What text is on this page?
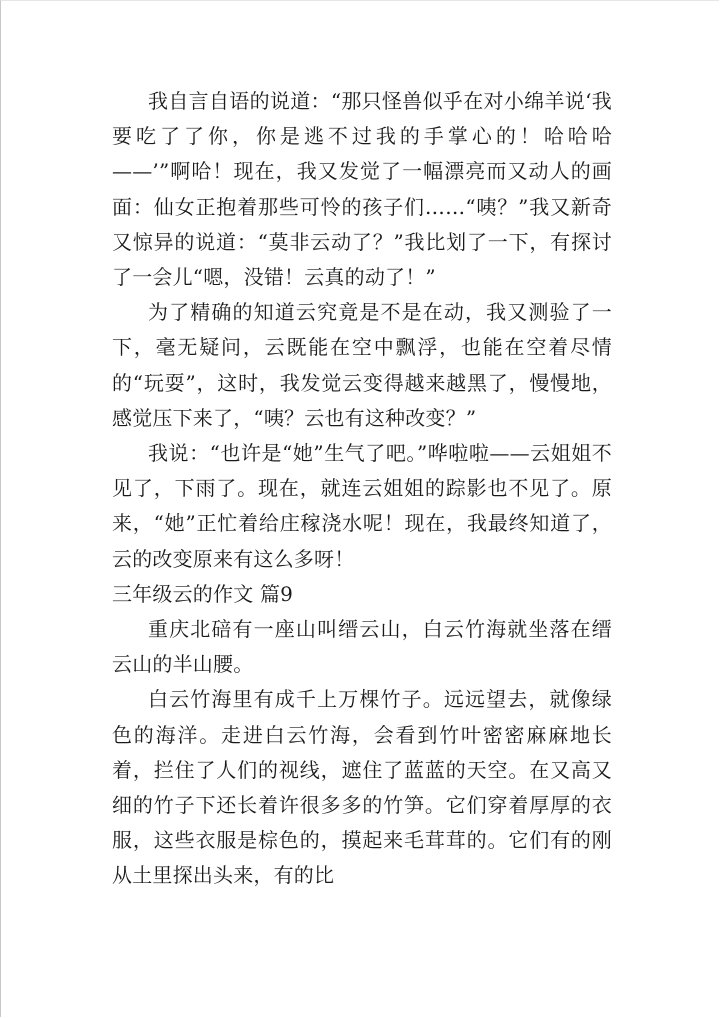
我自言自语的说道：“那只怪兽似乎在对小绵羊说‘我要吃了了你，你是逃不过我的手掌心的！哈哈哈——’”啊哈！现在，我又发觉了一幅漂亮而又动人的画面：仙女正抱着那些可怜的孩子们……“咦？”我又新奇又惊异的说道：“莫非云动了？”我比划了一下，有探讨了一会儿“嗯，没错！云真的动了！”

为了精确的知道云究竟是不是在动，我又测验了一下，毫无疑问，云既能在空中飘浮，也能在空着尽情的“玩耍”，这时，我发觉云变得越来越黑了，慢慢地，感觉压下来了，“咦？云也有这种改变？”

我说：“也许是“她”生气了吧。”哗啦啦——云姐姐不见了，下雨了。现在，就连云姐姐的踪影也不见了。原来，“她”正忙着给庄稼浇水呢！现在，我最终知道了，云的改变原来有这么多呀！

三年级云的作文 篇9

重庆北碚有一座山叫缙云山，白云竹海就坐落在缙云山的半山腰。

白云竹海里有成千上万棵竹子。远远望去，就像绿色的海洋。走进白云竹海，会看到竹叶密密麻麻地长着，拦住了人们的视线，遮住了蓝蓝的天空。在又高又细的竹子下还长着许很多多的竹笋。它们穿着厚厚的衣服，这些衣服是棕色的，摸起来毛茸茸的。它们有的刚从土里探出头来，有的比
